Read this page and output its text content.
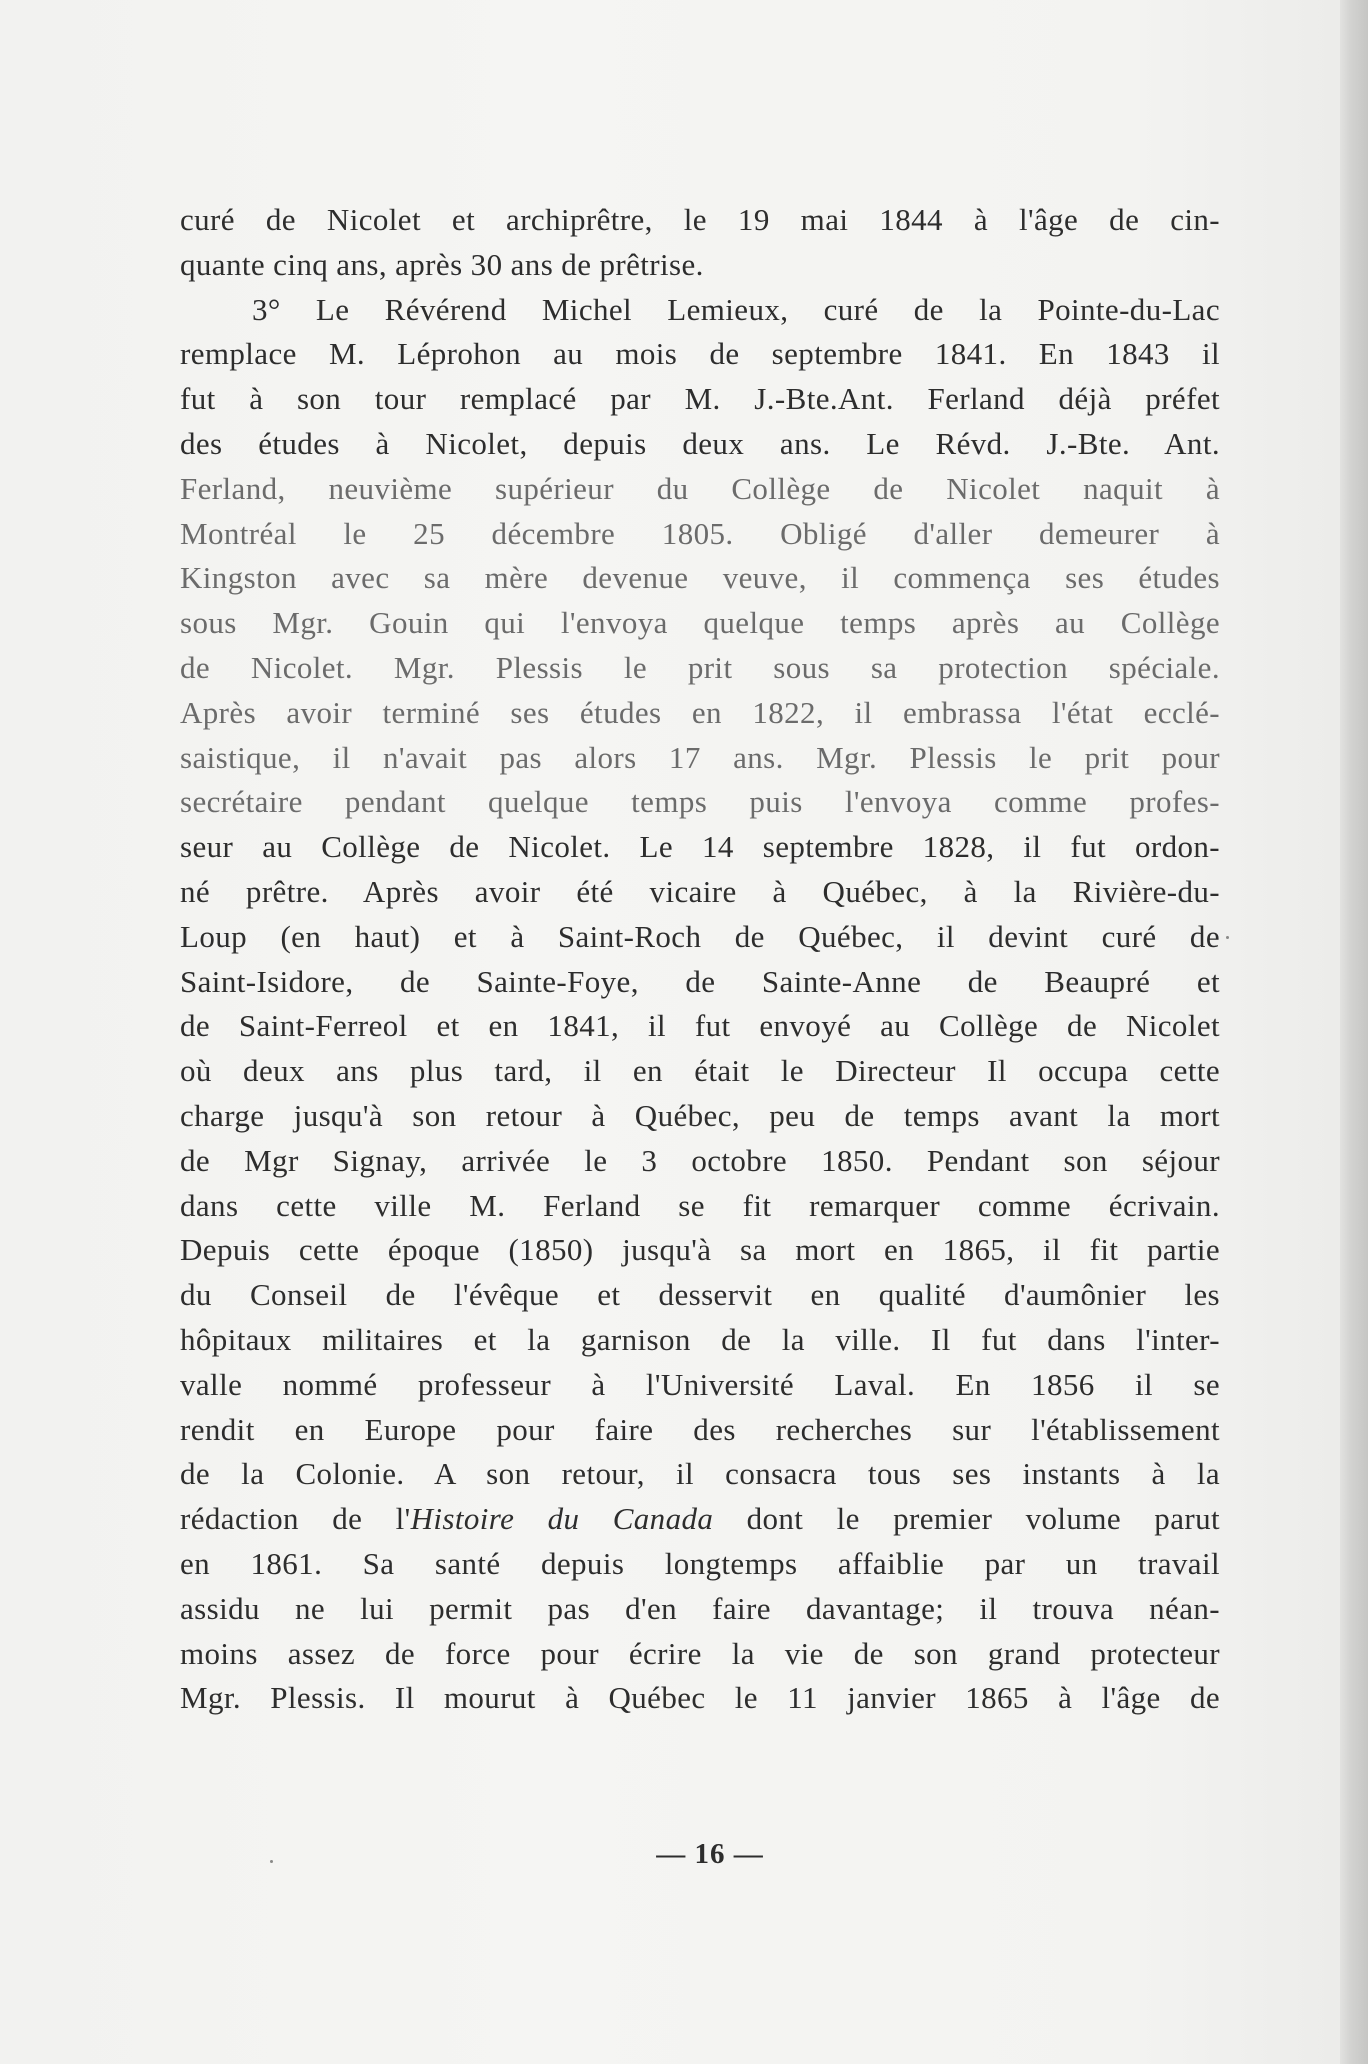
curé de Nicolet et archiprêtre, le 19 mai 1844 à l'âge de cin-
quante cinq ans, après 30 ans de prêtrise.
3° Le Révérend Michel Lemieux, curé de la Pointe-du-Lac
remplace M. Léprohon au mois de septembre 1841. En 1843 il
fut à son tour remplacé par M. J.-Bte.Ant. Ferland déjà préfet
des études à Nicolet, depuis deux ans. Le Révd. J.-Bte. Ant.
Ferland, neuvième supérieur du Collège de Nicolet naquit à
Montréal le 25 décembre 1805. Obligé d'aller demeurer à
Kingston avec sa mère devenue veuve, il commença ses études
sous Mgr. Gouin qui l'envoya quelque temps après au Collège
de Nicolet. Mgr. Plessis le prit sous sa protection spéciale.
Après avoir terminé ses études en 1822, il embrassa l'état ecclé-
saistique, il n'avait pas alors 17 ans. Mgr. Plessis le prit pour
secrétaire pendant quelque temps puis l'envoya comme profes-
seur au Collège de Nicolet. Le 14 septembre 1828, il fut ordon-
né prêtre. Après avoir été vicaire à Québec, à la Rivière-du-
Loup (en haut) et à Saint-Roch de Québec, il devint curé de
Saint-Isidore, de Sainte-Foye, de Sainte-Anne de Beaupré et
de Saint-Ferreol et en 1841, il fut envoyé au Collège de Nicolet
où deux ans plus tard, il en était le Directeur Il occupa cette
charge jusqu'à son retour à Québec, peu de temps avant la mort
de Mgr Signay, arrivée le 3 octobre 1850. Pendant son séjour
dans cette ville M. Ferland se fit remarquer comme écrivain.
Depuis cette époque (1850) jusqu'à sa mort en 1865, il fit partie
du Conseil de l'évêque et desservit en qualité d'aumônier les
hôpitaux militaires et la garnison de la ville. Il fut dans l'inter-
valle nommé professeur à l'Université Laval. En 1856 il se
rendit en Europe pour faire des recherches sur l'établissement
de la Colonie. A son retour, il consacra tous ses instants à la
rédaction de l'Histoire du Canada dont le premier volume parut
en 1861. Sa santé depuis longtemps affaiblie par un travail
assidu ne lui permit pas d'en faire davantage; il trouva néan-
moins assez de force pour écrire la vie de son grand protecteur
Mgr. Plessis. Il mourut à Québec le 11 janvier 1865 à l'âge de
— 16 —
